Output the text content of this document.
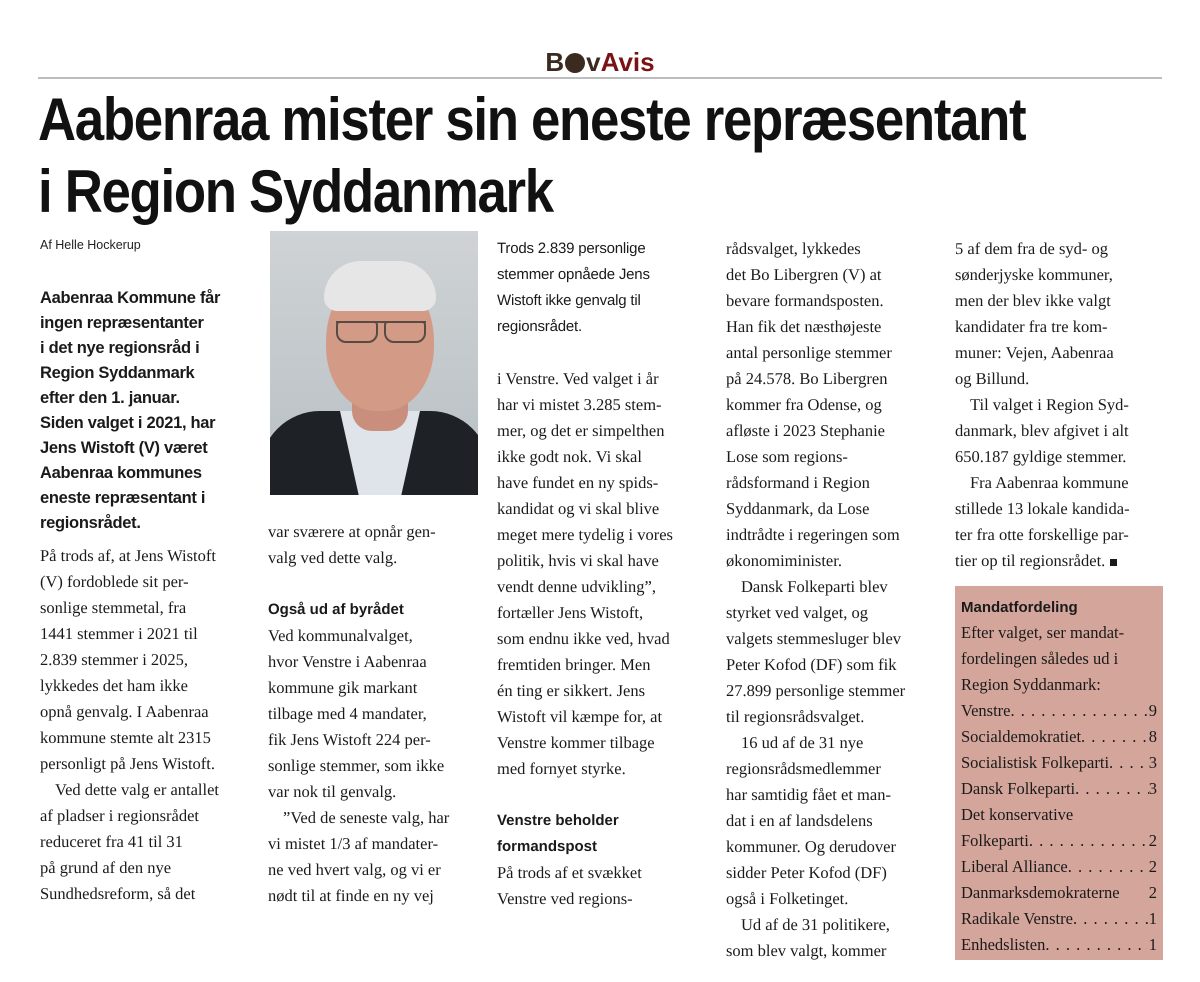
B vAvis
Aabenraa mister sin eneste repræsentant
i Region Syddanmark
Af Helle Hockerup

Aabenraa Kommune får

ingen repræsentanter

i det nye regionsråd i

Region Syddanmark

efter den 1. januar.

Siden valget i 2021, har

Jens Wistoft (V) været

Aabenraa kommunes

eneste repræsentant i

regionsrådet.

På trods af, at Jens Wistoft

(V) fordoblede sit per-

sonlige stemmetal, fra

1441 stemmer i 2021 til

2.839 stemmer i 2025,

lykkedes det ham ikke

opnå genvalg. I Aabenraa

kommune stemte alt 2315

personligt på Jens Wistoft.

Ved dette valg er antallet

af pladser i regionsrådet

reduceret fra 41 til 31

på grund af den nye

Sundhedsreform, så det

var sværere at opnår gen-

valg ved dette valg.

Også ud af byrådet

Ved kommunalvalget,

hvor Venstre i Aabenraa

kommune gik markant

tilbage med 4 mandater,

fik Jens Wistoft 224 per-

sonlige stemmer, som ikke

var nok til genvalg.

”Ved de seneste valg, har

vi mistet 1/3 af mandater-

ne ved hvert valg, og vi er

nødt til at finde en ny vej

Trods 2.839 personlige

stemmer opnåede Jens

Wistoft ikke genvalg til

regionsrådet.

i Venstre. Ved valget i år

har vi mistet 3.285 stem-

mer, og det er simpelthen

ikke godt nok. Vi skal

have fundet en ny spids-

kandidat og vi skal blive

meget mere tydelig i vores

politik, hvis vi skal have

vendt denne udvikling”,

fortæller Jens Wistoft,

som endnu ikke ved, hvad

fremtiden bringer. Men

én ting er sikkert. Jens

Wistoft vil kæmpe for, at

Venstre kommer tilbage

med fornyet styrke.

Venstre beholder

formandspost

På trods af et svækket

Venstre ved regions-

rådsvalget, lykkedes

det Bo Libergren (V) at

bevare formandsposten.

Han fik det næsthøjeste

antal personlige stemmer

på 24.578. Bo Libergren

kommer fra Odense, og

afløste i 2023 Stephanie

Lose som regions-

rådsformand i Region

Syddanmark, da Lose

indtrådte i regeringen som

økonomiminister.

Dansk Folkeparti blev

styrket ved valget, og

valgets stemmesluger blev

Peter Kofod (DF) som fik

27.899 personlige stemmer

til regionsrådsvalget.

16 ud af de 31 nye

regionsrådsmedlemmer

har samtidig fået et man-

dat i en af landsdelens

kommuner. Og derudover

sidder Peter Kofod (DF)

også i Folketinget.

Ud af de 31 politikere,

som blev valgt, kommer

5 af dem fra de syd- og

sønderjyske kommuner,

men der blev ikke valgt

kandidater fra tre kom-

muner: Vejen, Aabenraa

og Billund.

Til valget i Region Syd-

danmark, blev afgivet i alt

650.187 gyldige stemmer.

Fra Aabenraa kommune

stillede 13 lokale kandida-

ter fra otte forskellige par-

tier op til regionsrådet.

Mandatfordeling

Efter valget, ser mandat-

fordelingen således ud i

Region Syddanmark:

Venstre . . .	9
Socialdemokratiet . . .	8
Socialistisk Folkeparti . . . 3
Dansk Folkeparti . . .	3
Det konservative
Folkeparti . . .	2
Liberal Alliance . . .	2
Danmarksdemokraterne 2
Radikale Venstre . . .	1
Enhedslisten . . .	1
